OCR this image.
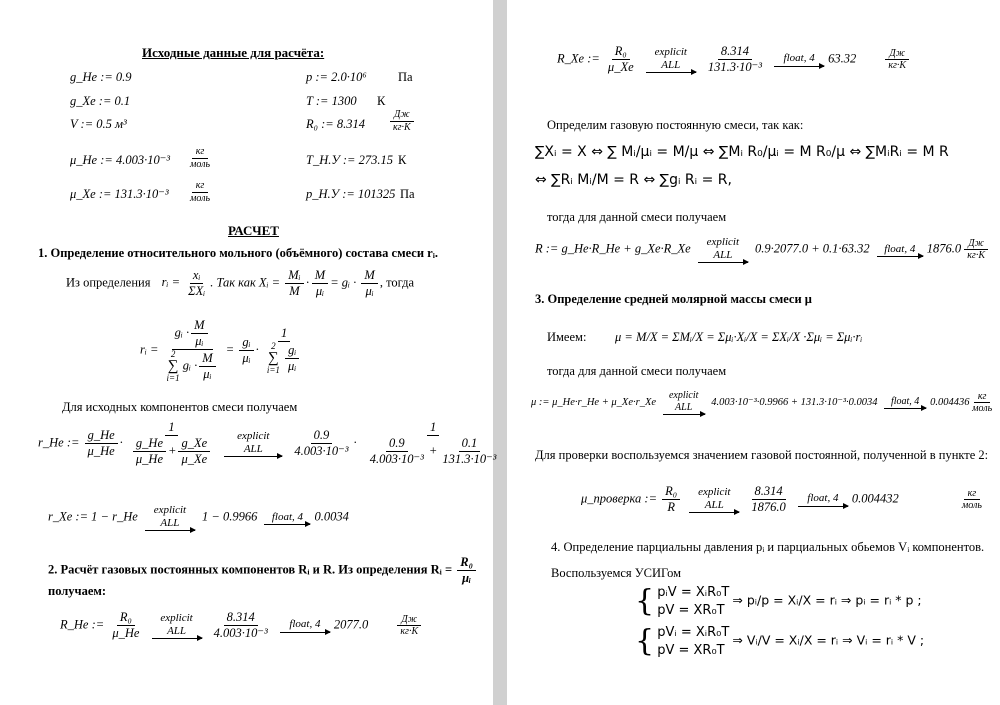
Исходные данные для расчёта:
g_He := 0.9
g_Xe := 0.1
V := 0.5 м³
μ_He := 4.003·10⁻³
кг
моль
μ_Xe := 131.3·10⁻³
кг
моль
p := 2.0·10⁶	Па
T := 1300 К
R₀ := 8.314
Дж
кг·К
T_Н.У := 273.15 К
p_Н.У := 101325 Па
РАСЧЕТ
1. Определение относительного мольного (объёмного) состава смеси rᵢ.
Из определения rᵢ = $\frac{\text{xᵢ}}{\text{ΣXᵢ}}$ . Так как Xᵢ = $\frac{\text{Mᵢ}}{M} \cdot \frac{M}{\text{μᵢ}}$ = gᵢ · $\frac{M}{\text{μᵢ}}$ , тогда
rᵢ = gᵢ · $\frac{M}{\text{μᵢ}}$
2
∑
i=1
gᵢ · $\frac{M}{\text{μᵢ}} = \frac{\text{gᵢ}}{\text{μᵢ}} \cdot 1$
2
∑
i=1
$\frac{\text{gᵢ}}{\text{μᵢ}}$
Для исходных компонентов смеси получаем
r_He := $\frac{g\_He}{\mu\_He} \cdot \frac{1}{\frac{g\_He}{\mu\_He} + \frac{g\_Xe}{\mu\_Xe}}$
explicit
ALL
$\frac{0.9}{\text{4.003·10⁻³}} \cdot \frac{1}{\frac{0.9}{\text{4.003·10⁻³}} + \frac{0.1}{\text{131.3·10⁻³}}}$

r_Xe := 1 − r_He explicit
ALL 1 − 0.9966 float, 4 0.0034
2. Расчёт газовых постоянных компонентов Rᵢ и R. Из определения Rᵢ = $\frac{\text{R₀}}{\text{μᵢ}}$
получаем:
R_He := $\frac{\text{R₀}}{\mu\_He}$
explicit
ALL
$\frac{8.314}{\text{4.003·10⁻³}}$
float, 4 2077.0	Дж
кг·К
R_Xe := $\frac{\text{R₀}}{\mu\_Xe}$
explicit
ALL
$\frac{8.314}{\text{131.3·10⁻³}}$
float, 4 63.32	Дж
кг·К
Определим газовую постоянную смеси, так как:
∑Xᵢ = X ⇔ ∑ Mᵢ/μᵢ = M/μ ⇔ ∑Mᵢ R₀/μᵢ = M R₀/μ ⇔ ∑MᵢRᵢ = M R
⇔ ∑Rᵢ Mᵢ/M = R ⇔ ∑gᵢ Rᵢ = R,
тогда для данной смеси получаем
R := g_He·R_He + g_Xe·R_Xe explicit
ALL 0.9·2077.0 + 0.1·63.32 float, 4 1876.0 Дж
кг·К
3. Определение средней молярной массы смеси μ
Имеем: μ = M/X = ΣMᵢ/X = Σμᵢ·Xᵢ/X = ΣXᵢ/X ·Σμᵢ = Σμᵢ·rᵢ
тогда для данной смеси получаем
μ := μ_He·r_He + μ_Xe·r_Xe
explicit
ALL 4.003·10⁻³·0.9966 + 131.3·10⁻³·0.0034	float, 4 0.004436
кг
моль
Для проверки воспользуемся значением газовой постоянной, полученной в пункте 2:
μ_проверка := $\frac{\text{R₀}}{R}$
explicit
ALL
$\frac{8.314}{1876.0}$
float, 4 0.004432	кг
моль
4. Определение парциальны давления pᵢ и парциальных обьемов Vᵢ компонентов.
Воспользуемся УСИГом
{ pᵢV = XᵢR₀T
pV = XR₀T
⇒ pᵢ/p = Xᵢ/X = rᵢ ⇒ pᵢ = rᵢ * p ;
{ pVᵢ = XᵢR₀T
pV = XR₀T
⇒ Vᵢ/V = Xᵢ/X = rᵢ ⇒ Vᵢ = rᵢ * V ;
